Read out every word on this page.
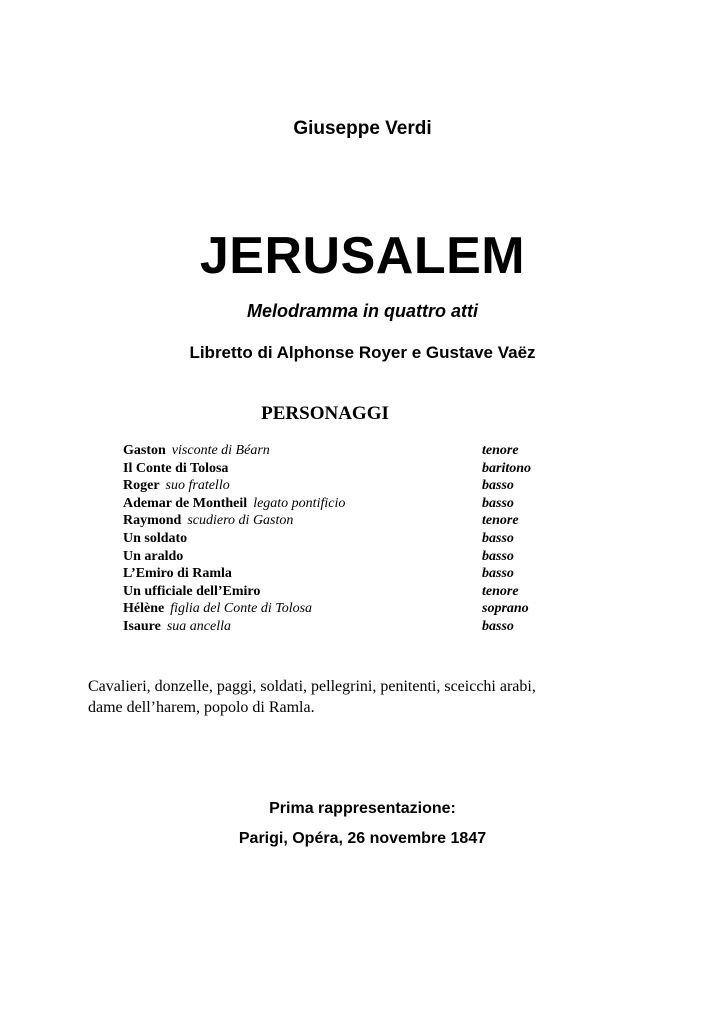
Giuseppe Verdi
JERUSALEM
Melodramma in quattro atti
Libretto di Alphonse Royer e Gustave Vaëz
PERSONAGGI
Gaston visconte di Béarn	tenore
Il Conte di Tolosa	baritono
Roger suo fratello	basso
Ademar de Montheil legato pontificio	basso
Raymond scudiero di Gaston	tenore
Un soldato	basso
Un araldo	basso
L’Emiro di Ramla	basso
Un ufficiale dell’Emiro	tenore
Hélène figlia del Conte di Tolosa	soprano
Isaure sua ancella	basso
Cavalieri, donzelle, paggi, soldati, pellegrini, penitenti, sceicchi arabi,
dame dell’harem, popolo di Ramla.
Prima rappresentazione:
Parigi, Opéra, 26 novembre 1847
